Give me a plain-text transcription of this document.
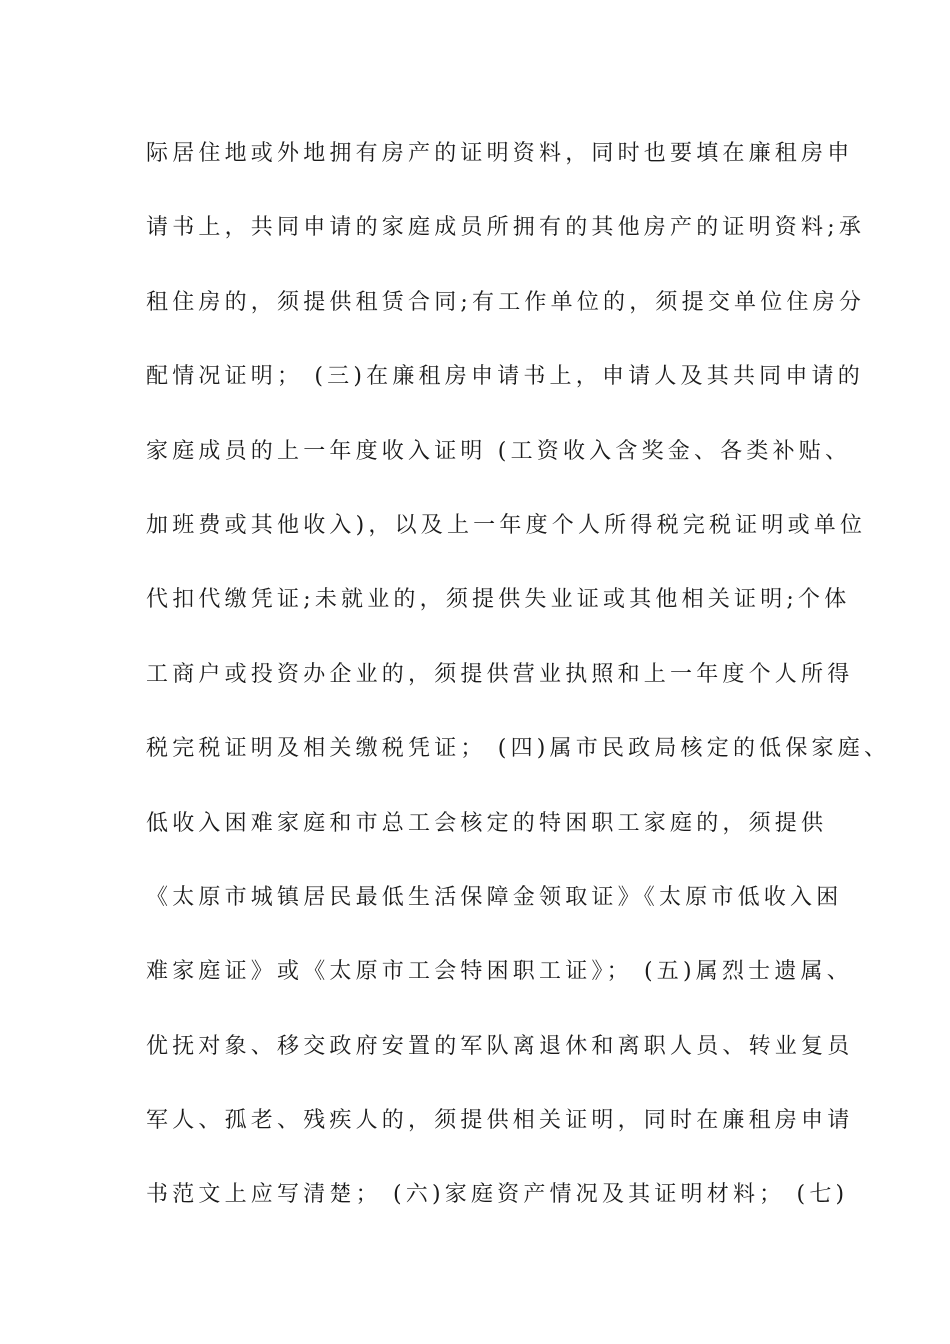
际居住地或外地拥有房产的证明资料，同时也要填在廉租房申
请书上，共同申请的家庭成员所拥有的其他房产的证明资料;承
租住房的，须提供租赁合同;有工作单位的，须提交单位住房分
配情况证明； (三)在廉租房申请书上，申请人及其共同申请的
家庭成员的上一年度收入证明 (工资收入含奖金、各类补贴、
加班费或其他收入)，以及上一年度个人所得税完税证明或单位
代扣代缴凭证;未就业的，须提供失业证或其他相关证明;个体
工商户或投资办企业的，须提供营业执照和上一年度个人所得
税完税证明及相关缴税凭证； (四)属市民政局核定的低保家庭、
低收入困难家庭和市总工会核定的特困职工家庭的，须提供
《太原市城镇居民最低生活保障金领取证》《太原市低收入困
难家庭证》或《太原市工会特困职工证》； (五)属烈士遗属、
优抚对象、移交政府安置的军队离退休和离职人员、转业复员
军人、孤老、残疾人的，须提供相关证明，同时在廉租房申请
书范文上应写清楚； (六)家庭资产情况及其证明材料； (七)
